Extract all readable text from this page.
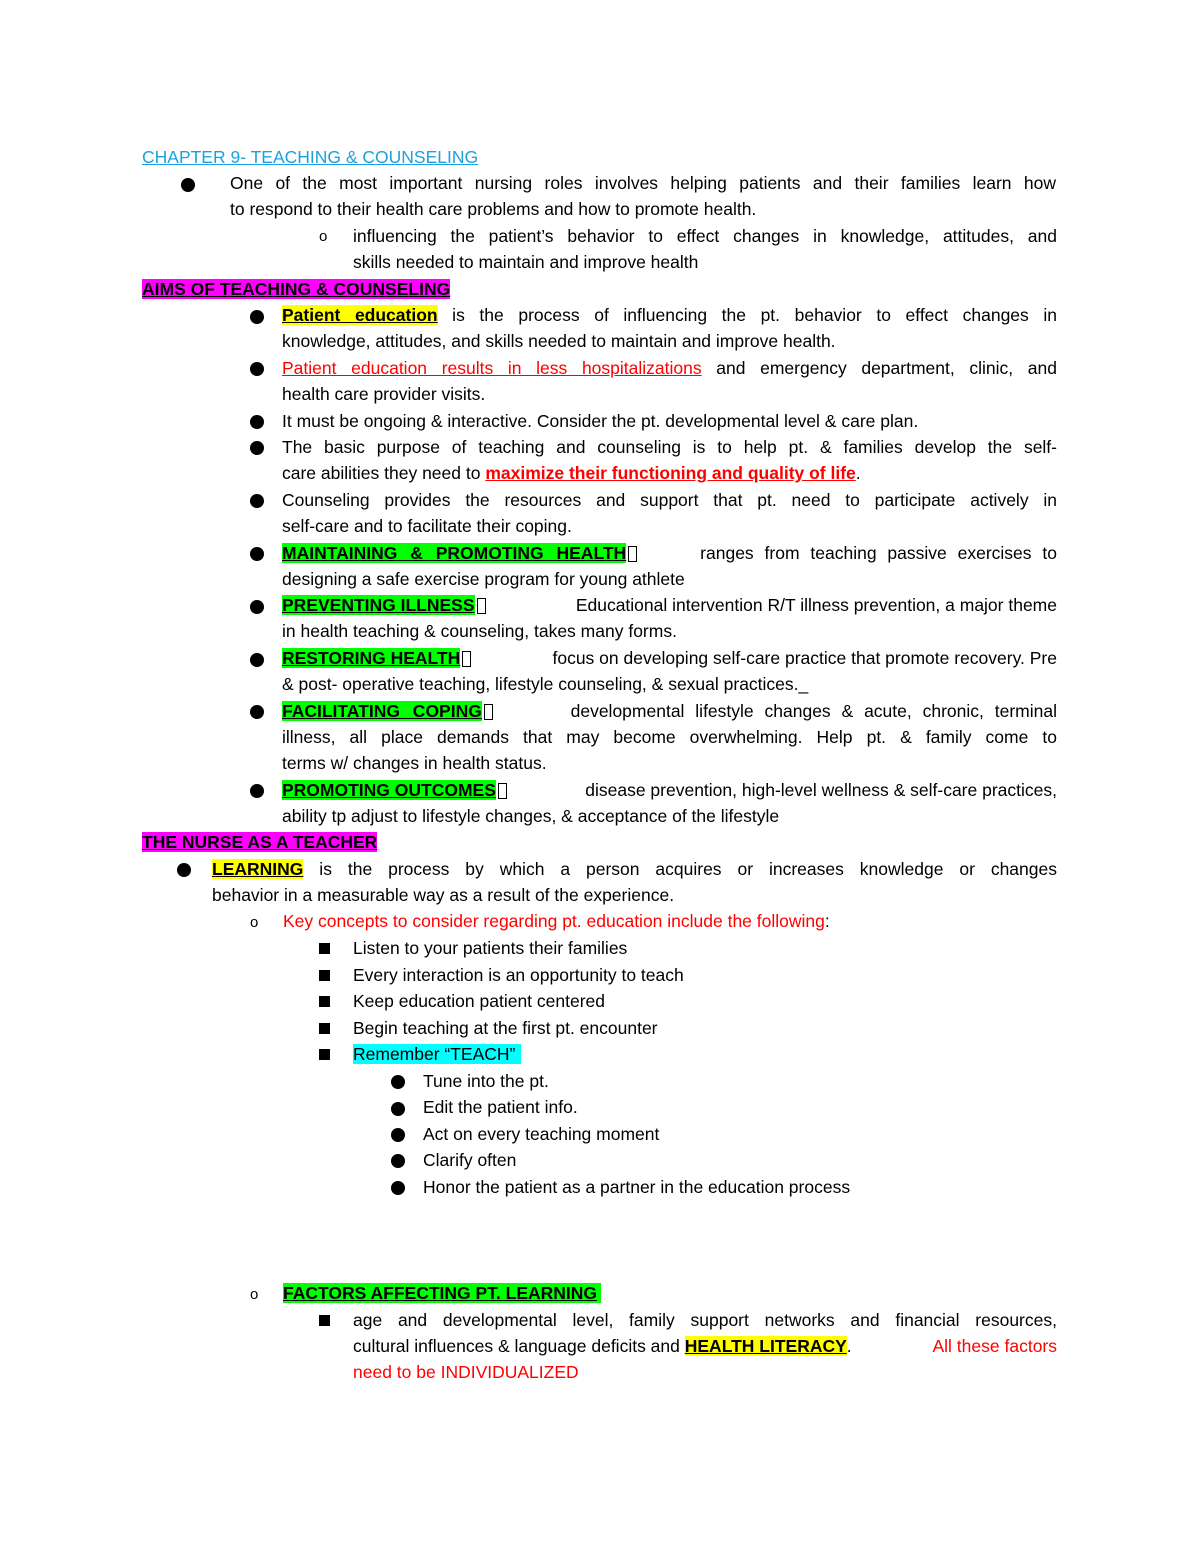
CHAPTER 9- TEACHING & COUNSELING
One of the most important nursing roles involves helping patients and their families learn how
to respond to their health care problems and how to promote health.
o influencing the patient’s behavior to effect changes in knowledge, attitudes, and
skills needed to maintain and improve health
AIMS OF TEACHING & COUNSELING
Patient education is the process of influencing the pt. behavior to effect changes in
knowledge, attitudes, and skills needed to maintain and improve health.
Patient education results in less hospitalizations and emergency department, clinic, and
health care provider visits.
It must be ongoing & interactive. Consider the pt. developmental level & care plan.
The basic purpose of teaching and counseling is to help pt. & families develop the self-
care abilities they need to maximize their functioning and quality of life.
Counseling provides the resources and support that pt. need to participate actively in
self-care and to facilitate their coping.
MAINTAINING & PROMOTING HEALTH	ranges from teaching passive exercises to
designing a safe exercise program for young athlete
PREVENTING ILLNESS	Educational intervention R/T illness prevention, a major theme
in health teaching & counseling, takes many forms.
RESTORING HEALTH	focus on developing self-care practice that promote recovery. Pre
& post- operative teaching, lifestyle counseling, & sexual practices._
FACILITATING COPING	developmental lifestyle changes & acute, chronic, terminal
illness, all place demands that may become overwhelming. Help pt. & family come to
terms w/ changes in health status.
PROMOTING OUTCOMES	disease prevention, high-level wellness & self-care practices,
ability tp adjust to lifestyle changes, & acceptance of the lifestyle
THE NURSE AS A TEACHER
LEARNING is the process by which a person acquires or increases knowledge or changes
behavior in a measurable way as a result of the experience.
o Key concepts to consider regarding pt. education include the following:
Listen to your patients their families
Every interaction is an opportunity to teach
Keep education patient centered
Begin teaching at the first pt. encounter
Remember “TEACH”
Tune into the pt.
Edit the patient info.
Act on every teaching moment
Clarify often
Honor the patient as a partner in the education process
o FACTORS AFFECTING PT. LEARNING
age and developmental level, family support networks and financial resources,
cultural influences & language deficits and HEALTH LITERACY.	All these factors
need to be INDIVIDUALIZED
